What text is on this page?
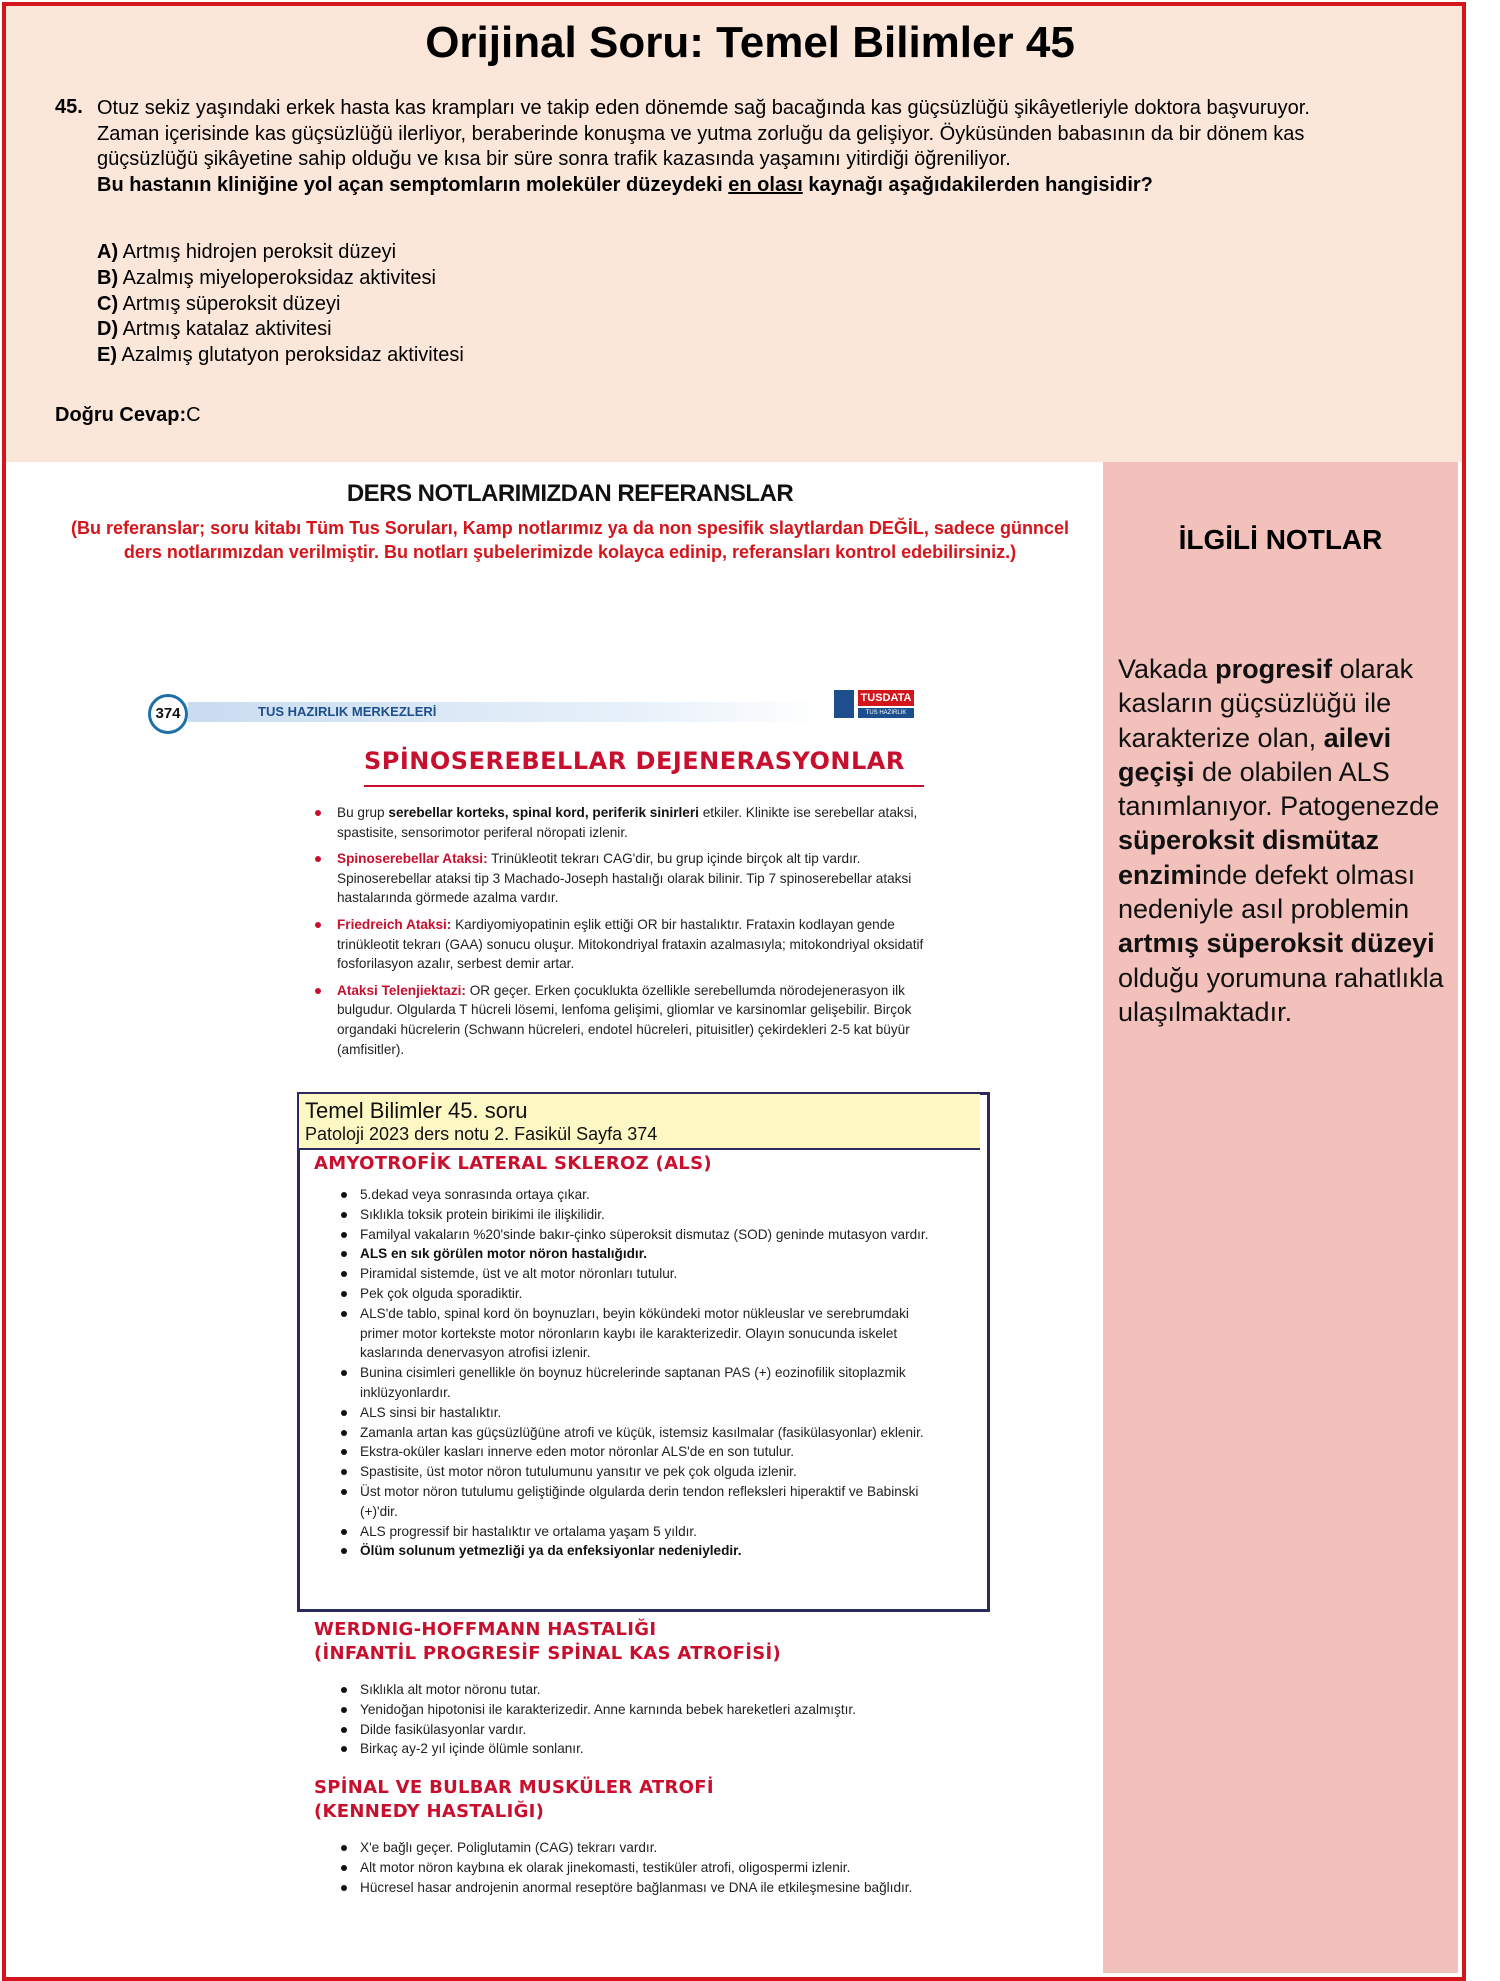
Orijinal Soru: Temel Bilimler 45
45. Otuz sekiz yaşındaki erkek hasta kas krampları ve takip eden dönemde sağ bacağında kas güçsüzlüğü şikâyetleriyle doktora başvuruyor. Zaman içerisinde kas güçsüzlüğü ilerliyor, beraberinde konuşma ve yutma zorluğu da gelişiyor. Öyküsünden babasının da bir dönem kas güçsüzlüğü şikâyetine sahip olduğu ve kısa bir süre sonra trafik kazasında yaşamını yitirdiği öğreniliyor.
Bu hastanın kliniğine yol açan semptomların moleküler düzeydeki en olası kaynağı aşağıdakilerden hangisidir?
A) Artmış hidrojen peroksit düzeyi
B) Azalmış miyeloperoksidaz aktivitesi
C) Artmış süperoksit düzeyi
D) Artmış katalaz aktivitesi
E) Azalmış glutatyon peroksidaz aktivitesi
Doğru Cevap:C
DERS NOTLARIMIZDAN REFERANSLAR
(Bu referanslar; soru kitabı Tüm Tus Soruları, Kamp notlarımız ya da non spesifik slaytlardan DEĞİL, sadece günncel ders notlarımızdan verilmiştir. Bu notları şubelerimizde kolayca edinip, referansları kontrol edebilirsiniz.)	İLGİLİ NOTLAR
Vakada progresif olarak kasların güçsüzlüğü ile karakterize olan, ailevi geçişi de olabilen ALS tanımlanıyor. Patogenezde süperoksit dismütaz enziminde defekt olması nedeniyle asıl problemin artmış süperoksit düzeyi olduğu yorumuna rahatlıkla ulaşılmaktadır.
374	TUS HAZIRLIK MERKEZLERİ
TUSDATA
TUS HAZIRLIK MERKEZLERİ
SPİNOSEREBELLAR DEJENERASYONLAR
Bu grup serebellar korteks, spinal kord, periferik sinirleri etkiler. Klinikte ise serebellar ataksi, spastisite, sensorimotor periferal nöropati izlenir.
Spinoserebellar Ataksi: Trinükleotit tekrarı CAG'dir, bu grup içinde birçok alt tip vardır. Spinoserebellar ataksi tip 3 Machado-Joseph hastalığı olarak bilinir. Tip 7 spinoserebellar ataksi hastalarında görmede azalma vardır.
Friedreich Ataksi: Kardiyomiyopatinin eşlik ettiği OR bir hastalıktır. Frataxin kodlayan gende trinükleotit tekrarı (GAA) sonucu oluşur. Mitokondriyal frataxin azalmasıyla; mitokondriyal oksidatif fosforilasyon azalır, serbest demir artar.
Ataksi Telenjiektazi: OR geçer. Erken çocuklukta özellikle serebellumda nörodejenerasyon ilk bulgudur. Olgularda T hücreli lösemi, lenfoma gelişimi, gliomlar ve karsinomlar gelişebilir. Birçok organdaki hücrelerin (Schwann hücreleri, endotel hücreleri, pituisitler) çekirdekleri 2-5 kat büyür (amfisitler).
Temel Bilimler 45. soru
Patoloji 2023 ders notu 2. Fasikül Sayfa 374
AMYOTROFİK LATERAL SKLEROZ (ALS)
5.dekad veya sonrasında ortaya çıkar.
Sıklıkla toksik protein birikimi ile ilişkilidir.
Familyal vakaların %20'sinde bakır-çinko süperoksit dismutaz (SOD) geninde mutasyon vardır.
ALS en sık görülen motor nöron hastalığıdır.
Piramidal sistemde, üst ve alt motor nöronları tutulur.
Pek çok olguda sporadiktir.
ALS'de tablo, spinal kord ön boynuzları, beyin kökündeki motor nükleuslar ve serebrumdaki primer motor kortekste motor nöronların kaybı ile karakterizedir. Olayın sonucunda iskelet kaslarında denervasyon atrofisi izlenir.
Bunina cisimleri genellikle ön boynuz hücrelerinde saptanan PAS (+) eozinofilik sitoplazmik inklüzyonlardır.
ALS sinsi bir hastalıktır.
Zamanla artan kas güçsüzlüğüne atrofi ve küçük, istemsiz kasılmalar (fasikülasyonlar) eklenir.
Ekstra-oküler kasları innerve eden motor nöronlar ALS'de en son tutulur.
Spastisite, üst motor nöron tutulumunu yansıtır ve pek çok olguda izlenir.
Üst motor nöron tutulumu geliştiğinde olgularda derin tendon refleksleri hiperaktif ve Babinski (+)'dir.
ALS progressif bir hastalıktır ve ortalama yaşam 5 yıldır.
Ölüm solunum yetmezliği ya da enfeksiyonlar nedeniyledir.
WERDNIG-HOFFMANN HASTALIĞI
(İNFANTİL PROGRESİF SPİNAL KAS ATROFİSİ)
Sıklıkla alt motor nöronu tutar.
Yenidoğan hipotonisi ile karakterizedir. Anne karnında bebek hareketleri azalmıştır.
Dilde fasikülasyonlar vardır.
Birkaç ay-2 yıl içinde ölümle sonlanır.
SPİNAL VE BULBAR MUSKÜLER ATROFİ
(KENNEDY HASTALIĞI)
X'e bağlı geçer. Poliglutamin (CAG) tekrarı vardır.
Alt motor nöron kaybına ek olarak jinekomasti, testiküler atrofi, oligospermi izlenir.
Hücresel hasar androjenin anormal reseptöre bağlanması ve DNA ile etkileşmesine bağlıdır.
